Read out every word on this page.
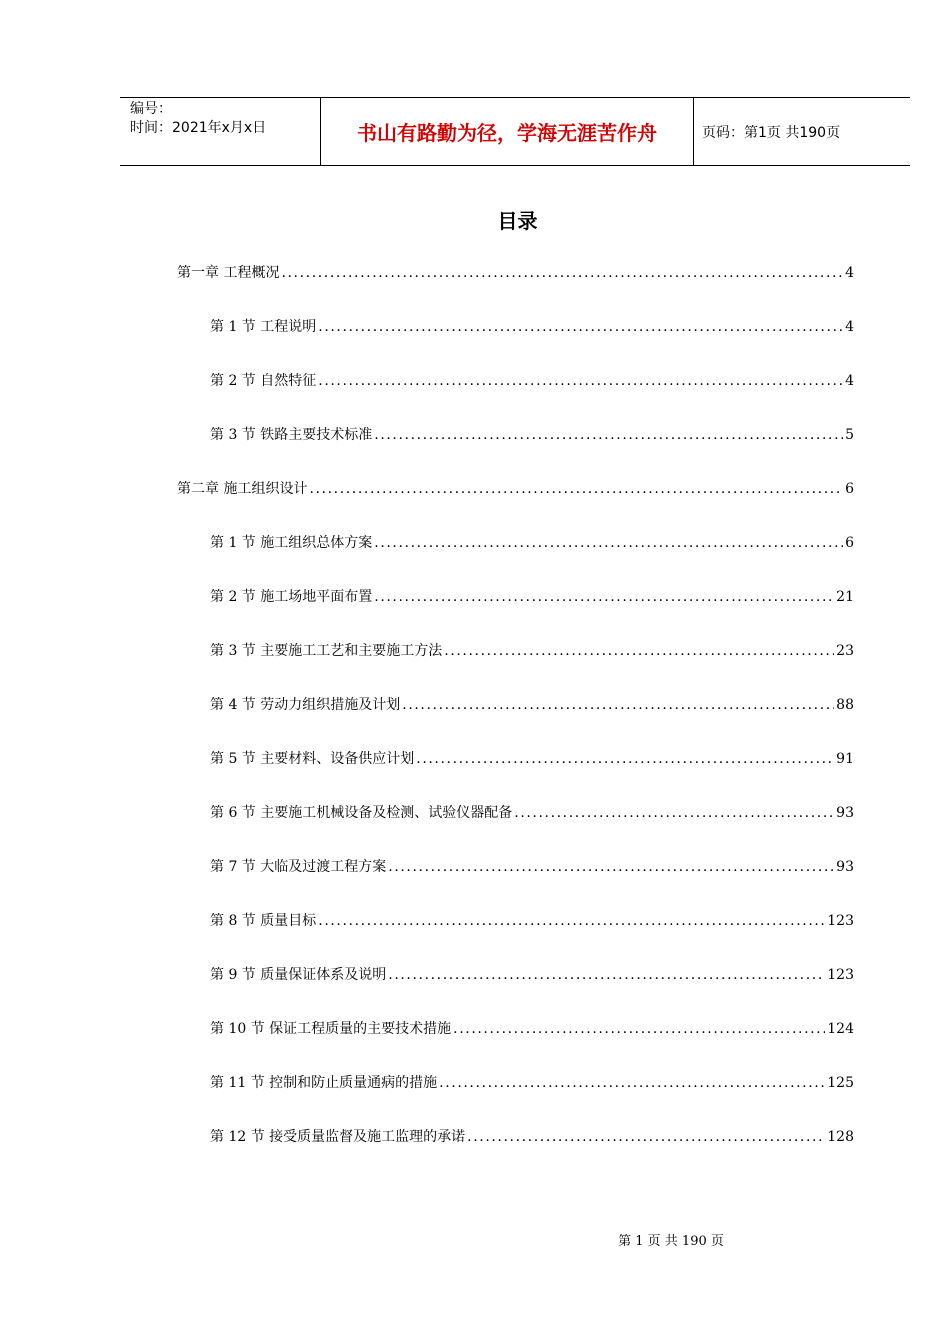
编号：
时间：2021年x月x日	书山有路勤为径，学海无涯苦作舟	页码：第1页 共190页
目录
第一章 工程概况 .....	4
第 1 节 工程说明 .....	4
第 2 节 自然特征 .....	4
第 3 节 铁路主要技术标准 .....	5
第二章 施工组织设计 .....	6
第 1 节 施工组织总体方案 .....	6
第 2 节 施工场地平面布置 .....	21
第 3 节 主要施工工艺和主要施工方法 .....	23
第 4 节 劳动力组织措施及计划 .....	88
第 5 节 主要材料、设备供应计划 .....	91
第 6 节 主要施工机械设备及检测、试验仪器配备 .....	93
第 7 节 大临及过渡工程方案 .....	93
第 8 节 质量目标 .....	123
第 9 节 质量保证体系及说明 .....	123
第 10 节 保证工程质量的主要技术措施 .....	124
第 11 节 控制和防止质量通病的措施 .....	125
第 12 节 接受质量监督及施工监理的承诺 .....	128
第 1 页 共 190 页
